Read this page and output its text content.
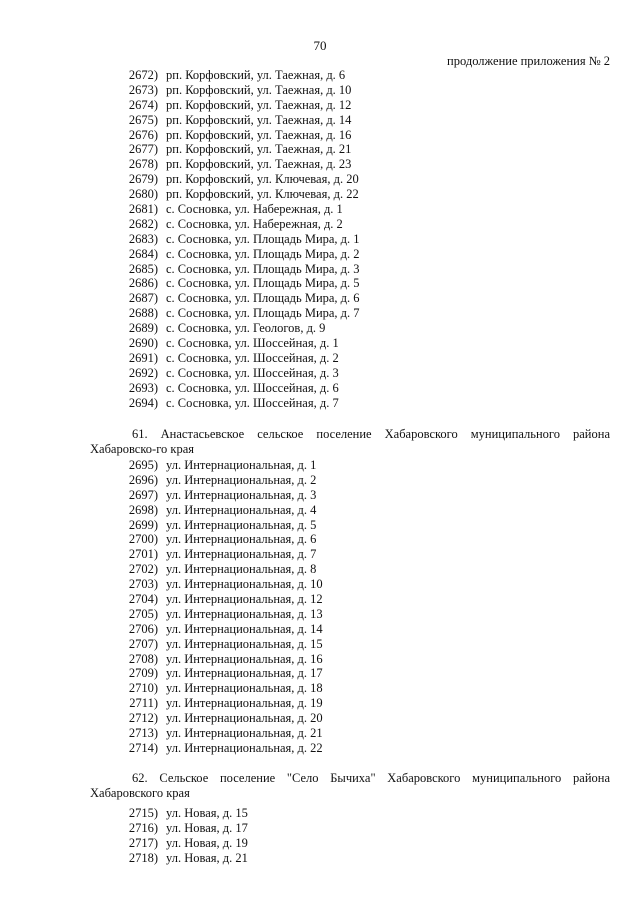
70
продолжение приложения № 2
2672) рп. Корфовский, ул. Таежная, д. 6
2673) рп. Корфовский, ул. Таежная, д. 10
2674) рп. Корфовский, ул. Таежная, д. 12
2675) рп. Корфовский, ул. Таежная, д. 14
2676) рп. Корфовский, ул. Таежная, д. 16
2677) рп. Корфовский, ул. Таежная, д. 21
2678) рп. Корфовский, ул. Таежная, д. 23
2679) рп. Корфовский, ул. Ключевая, д. 20
2680) рп. Корфовский, ул. Ключевая, д. 22
2681) с. Сосновка, ул. Набережная, д. 1
2682) с. Сосновка, ул. Набережная, д. 2
2683) с. Сосновка, ул. Площадь Мира, д. 1
2684) с. Сосновка, ул. Площадь Мира, д. 2
2685) с. Сосновка, ул. Площадь Мира, д. 3
2686) с. Сосновка, ул. Площадь Мира, д. 5
2687) с. Сосновка, ул. Площадь Мира, д. 6
2688) с. Сосновка, ул. Площадь Мира, д. 7
2689) с. Сосновка, ул. Геологов, д. 9
2690) с. Сосновка, ул. Шоссейная, д. 1
2691) с. Сосновка, ул. Шоссейная, д. 2
2692) с. Сосновка, ул. Шоссейная, д. 3
2693) с. Сосновка, ул. Шоссейная, д. 6
2694) с. Сосновка, ул. Шоссейная, д. 7
61. Анастасьевское сельское поселение Хабаровского муниципального района Хабаровско-го края
2695) ул. Интернациональная, д. 1
2696) ул. Интернациональная, д. 2
2697) ул. Интернациональная, д. 3
2698) ул. Интернациональная, д. 4
2699) ул. Интернациональная, д. 5
2700) ул. Интернациональная, д. 6
2701) ул. Интернациональная, д. 7
2702) ул. Интернациональная, д. 8
2703) ул. Интернациональная, д. 10
2704) ул. Интернациональная, д. 12
2705) ул. Интернациональная, д. 13
2706) ул. Интернациональная, д. 14
2707) ул. Интернациональная, д. 15
2708) ул. Интернациональная, д. 16
2709) ул. Интернациональная, д. 17
2710) ул. Интернациональная, д. 18
2711) ул. Интернациональная, д. 19
2712) ул. Интернациональная, д. 20
2713) ул. Интернациональная, д. 21
2714) ул. Интернациональная, д. 22
62. Сельское поселение "Село Бычиха" Хабаровского муниципального района Хабаровского края
2715) ул. Новая, д. 15
2716) ул. Новая, д. 17
2717) ул. Новая, д. 19
2718) ул. Новая, д. 21
